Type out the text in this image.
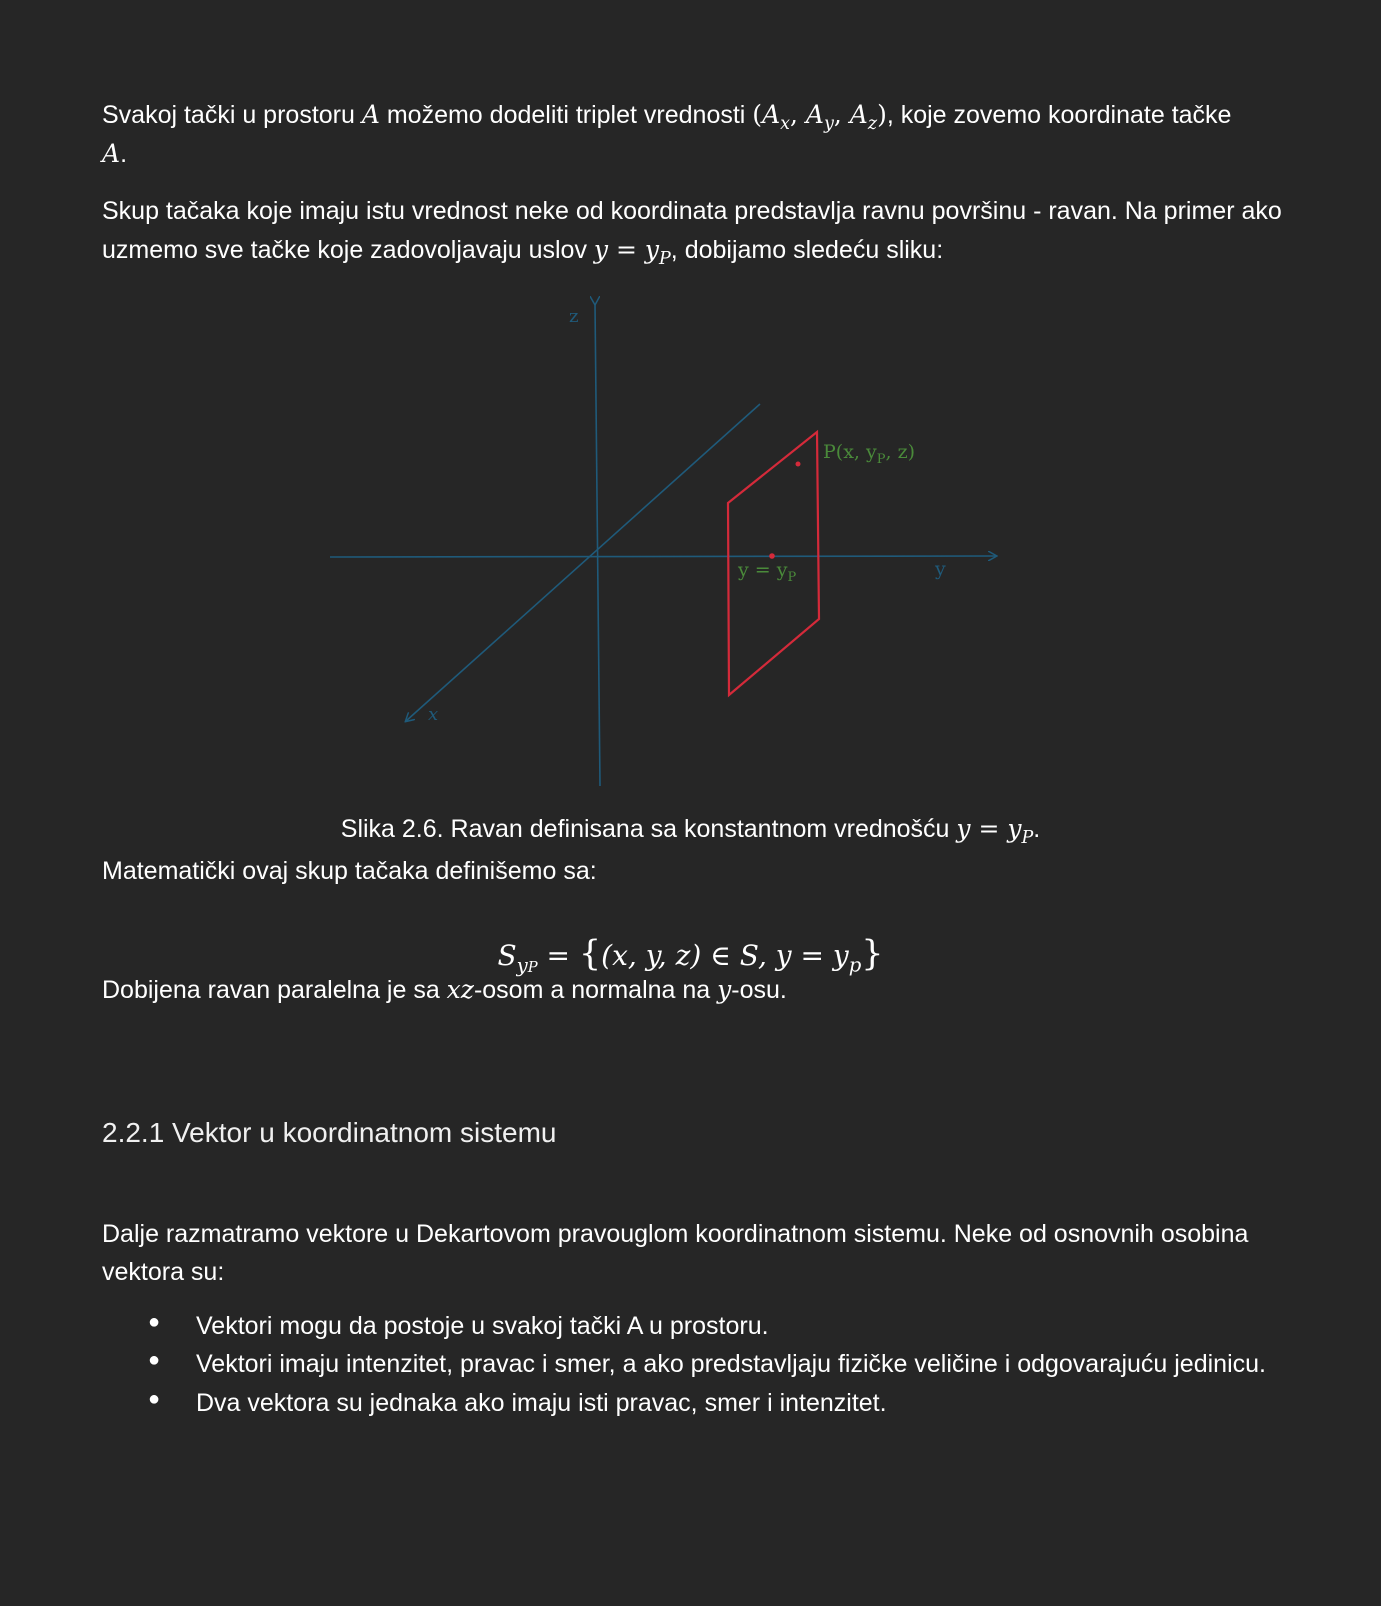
Svakoj tački u prostoru A možemo dodeliti triplet vrednosti ($A_x$, $A_y$, $A_z$), koje zovemo koordinate tačke
A.

Skup tačaka koje imaju istu vrednost neke od koordinata predstavlja ravnu površinu - ravan. Na primer ako uzmemo sve tačke koje zadovoljavaju uslov $y = y_P$, dobijamo sledeću sliku:

z
x
y
P(x, $y_P$, z)
$y = y_P$

Slika 2.6. Ravan definisana sa konstantnom vrednošću $y = y_P$.

Matematički ovaj skup tačaka definišemo sa:

$S_{yP} = \{(x$, y, z) ∈ S, $y = y_p$}

Dobijena ravan paralelna je sa xz-osom a normalna na y-osu.

2.2.1 Vektor u koordinatnom sistemu

Dalje razmatramo vektore u Dekartovom pravouglom koordinatnom sistemu. Neke od osnovnih osobina vektora su:

● Vektori mogu da postoje u svakoj tački A u prostoru.
● Vektori imaju intenzitet, pravac i smer, a ako predstavljaju fizičke veličine i odgovarajuću jedinicu.
● Dva vektora su jednaka ako imaju isti pravac, smer i intenzitet.
